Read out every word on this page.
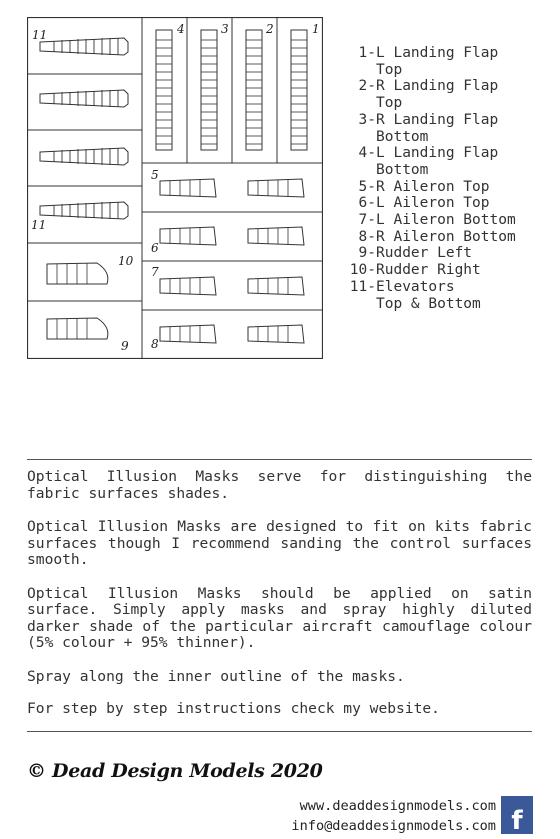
11	4	3	2	1
5
11
10
6
7
9 8
1- L Landing Flap
Top
2- R Landing Flap
Top
3- R Landing Flap
Bottom
4- L Landing Flap
Bottom
5- R Aileron Top
6- L Aileron Top
7- L Aileron Bottom
8- R Aileron Bottom
9- Rudder Left
10- Rudder Right
11- Elevators
Top & Bottom

Optical Illusion Masks serve for distinguishing the fabric surfaces shades.

Optical Illusion Masks are designed to fit on kits fabric surfaces though I recommend sanding the control surfaces smooth.

Optical Illusion Masks should be applied on satin surface. Simply apply masks and spray highly diluted darker shade of the particular aircraft camouflage colour (5% colour + 95% thinner).

Spray along the inner outline of the masks.

For step by step instructions check my website.

© Dead Design Models 2020
www.deaddesignmodels.com
info@deaddesignmodels.com f
